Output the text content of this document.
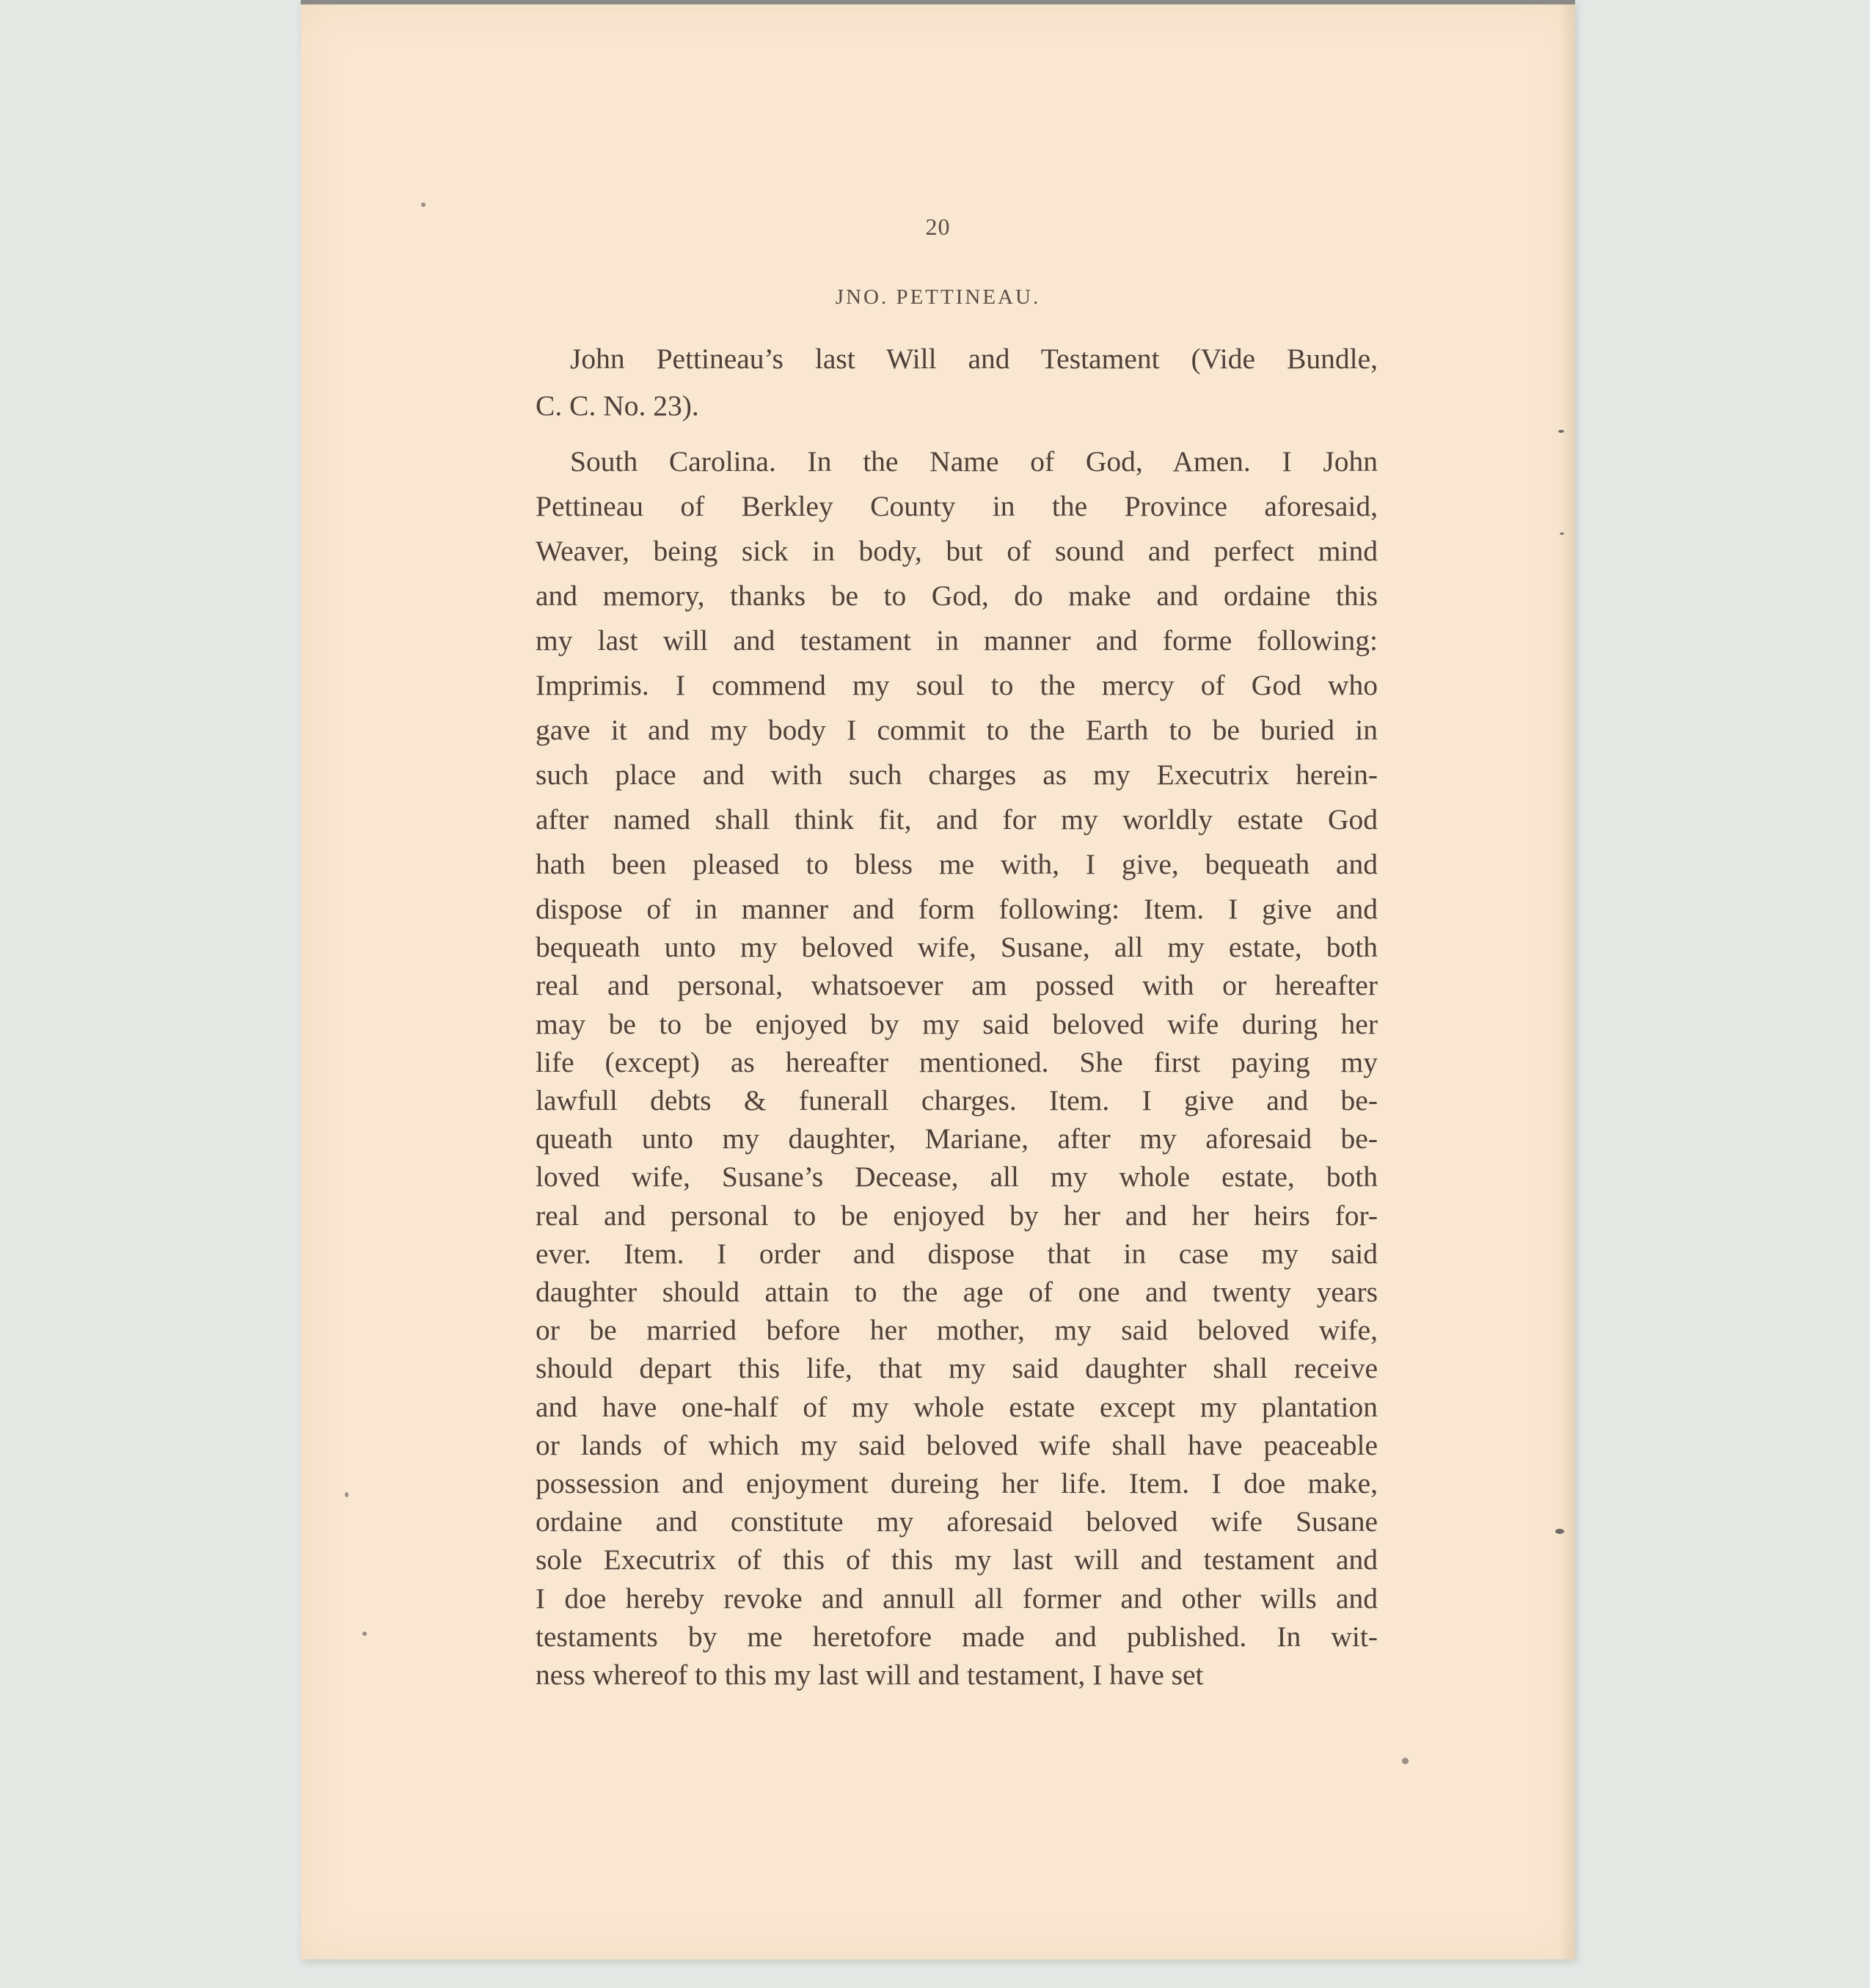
20
JNO. PETTINEAU.
John Pettineau’s last Will and Testament (Vide Bundle,
C. C. No. 23).
South Carolina. In the Name of God, Amen. I John
Pettineau of Berkley County in the Province aforesaid,
Weaver, being sick in body, but of sound and perfect mind
and memory, thanks be to God, do make and ordaine this
my last will and testament in manner and forme following:
Imprimis. I commend my soul to the mercy of God who
gave it and my body I commit to the Earth to be buried in
such place and with such charges as my Executrix herein-
after named shall think fit, and for my worldly estate God
hath been pleased to bless me with, I give, bequeath and
dispose of in manner and form following: Item. I give and
bequeath unto my beloved wife, Susane, all my estate, both
real and personal, whatsoever am possed with or hereafter
may be to be enjoyed by my said beloved wife during her
life (except) as hereafter mentioned. She first paying my
lawfull debts & funerall charges. Item. I give and be-
queath unto my daughter, Mariane, after my aforesaid be-
loved wife, Susane’s Decease, all my whole estate, both
real and personal to be enjoyed by her and her heirs for-
ever. Item. I order and dispose that in case my said
daughter should attain to the age of one and twenty years
or be married before her mother, my said beloved wife,
should depart this life, that my said daughter shall receive
and have one-half of my whole estate except my plantation
or lands of which my said beloved wife shall have peaceable
possession and enjoyment dureing her life. Item. I doe make,
ordaine and constitute my aforesaid beloved wife Susane
sole Executrix of this of this my last will and testament and
I doe hereby revoke and annull all former and other wills and
testaments by me heretofore made and published. In wit-
ness whereof to this my last will and testament, I have set
